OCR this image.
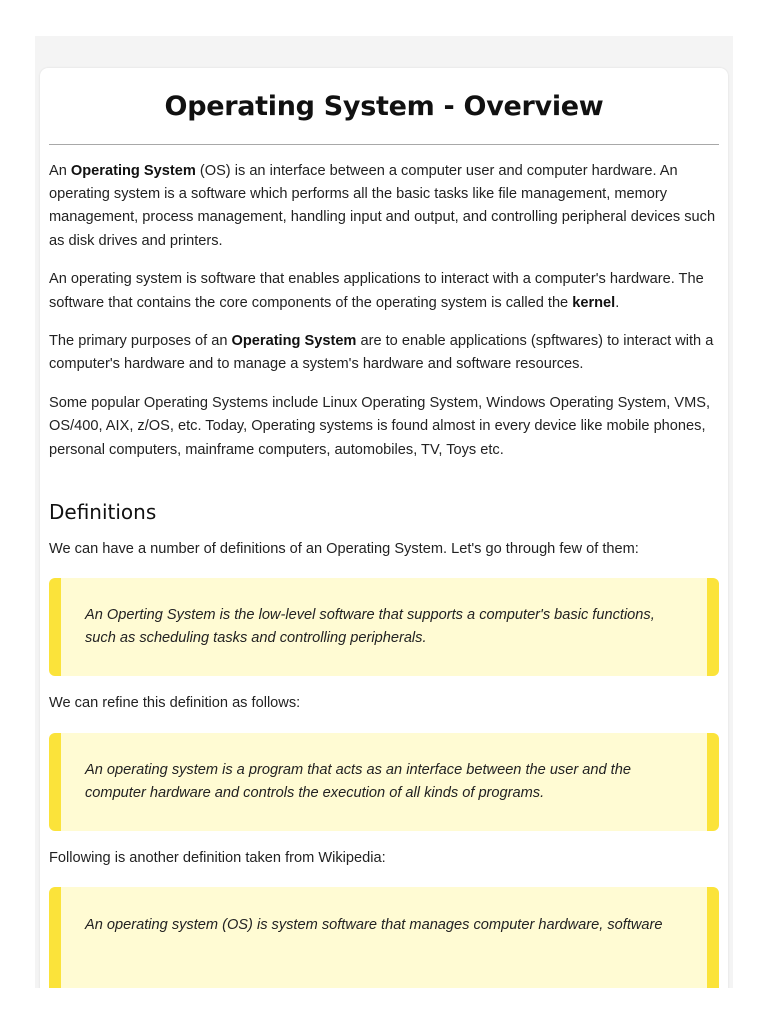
Operating System - Overview

An Operating System (OS) is an interface between a computer user and computer hardware. An operating system is a software which performs all the basic tasks like file management, memory management, process management, handling input and output, and controlling peripheral devices such as disk drives and printers.

An operating system is software that enables applications to interact with a computer's hardware. The software that contains the core components of the operating system is called the kernel.

The primary purposes of an Operating System are to enable applications (spftwares) to interact with a computer's hardware and to manage a system's hardware and software resources.

Some popular Operating Systems include Linux Operating System, Windows Operating System, VMS, OS/400, AIX, z/OS, etc. Today, Operating systems is found almost in every device like mobile phones, personal computers, mainframe computers, automobiles, TV, Toys etc.

Definitions

We can have a number of definitions of an Operating System. Let's go through few of them:

An Operting System is the low-level software that supports a computer's basic functions, such as scheduling tasks and controlling peripherals.

We can refine this definition as follows:

An operating system is a program that acts as an interface between the user and the computer hardware and controls the execution of all kinds of programs.

Following is another definition taken from Wikipedia:

An operating system (OS) is system software that manages computer hardware, software
